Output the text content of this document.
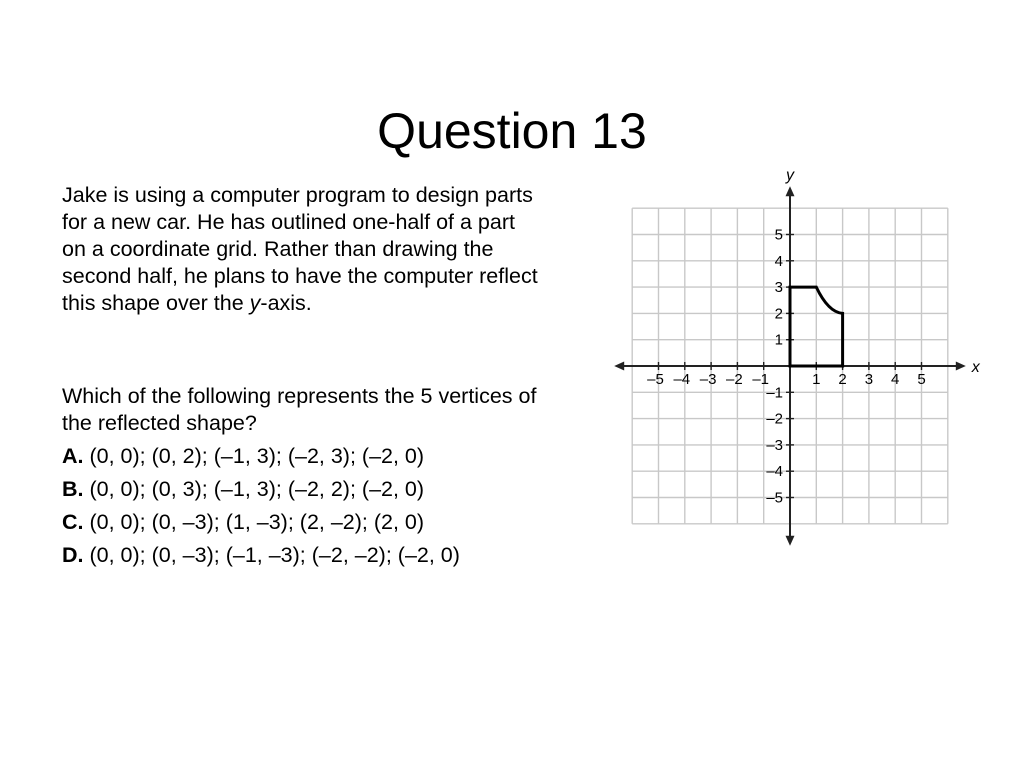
Question 13

Jake is using a computer program to design parts for a new car. He has outlined one-half of a part on a coordinate grid. Rather than drawing the second half, he plans to have the computer reflect this shape over the y-axis.

Which of the following represents the 5 vertices of the reflected shape?

A. (0, 0); (0, 2); (–1, 3); (–2, 3); (–2, 0)

B. (0, 0); (0, 3); (–1, 3); (–2, 2); (–2, 0)

C. (0, 0); (0, –3); (1, –3); (2, –2); (2, 0)

D. (0, 0); (0, –3); (–1, –3); (–2, –2); (–2, 0)

–5 –4 –3 –2 –1	1 2 3 4 5
5
4
3
2
1
–1
–2
–3
–4
–5
x
y
